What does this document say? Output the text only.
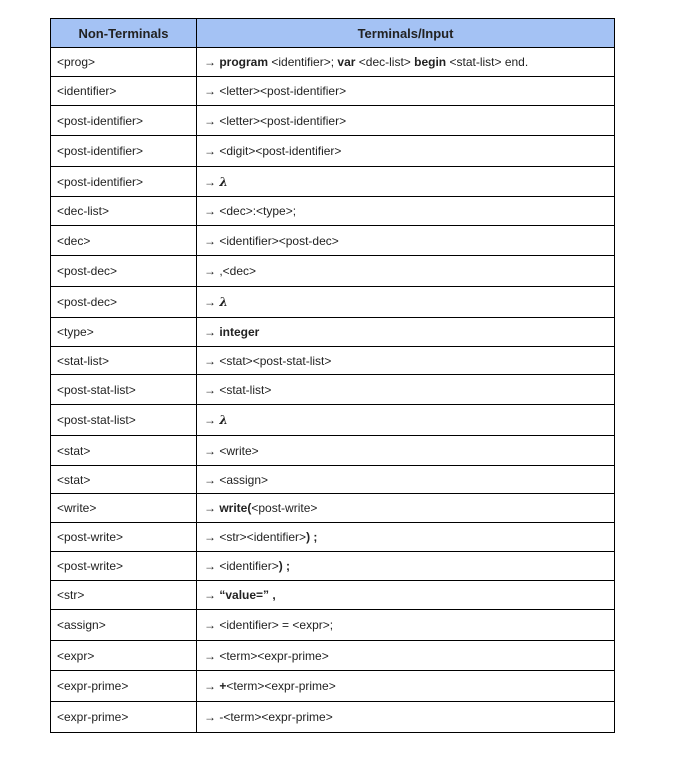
Non-Terminals	Terminals/Input
<prog>	→ program <identifier>; var <dec-list> begin <stat-list> end.
<identifier>	→ <letter><post-identifier>
<post-identifier>	→ <letter><post-identifier>
<post-identifier>	→ <digit><post-identifier>
<post-identifier>	→ λ
<dec-list>	→ <dec>:<type>;
<dec>	→ <identifier><post-dec>
<post-dec>	→ ,<dec>
<post-dec>	→ λ
<type>	→ integer
<stat-list>	→ <stat><post-stat-list>
<post-stat-list>	→ <stat-list>
<post-stat-list>	→ λ
<stat>	→ <write>
<stat>	→ <assign>
<write>	→ write(<post-write>
<post-write>	→ <str><identifier>) ;
<post-write>	→ <identifier>) ;
<str>	→ “value=” ,
<assign>	→ <identifier> = <expr>;
<expr>	→ <term><expr-prime>
<expr-prime>	→ +<term><expr-prime>
<expr-prime>	→ -<term><expr-prime>
